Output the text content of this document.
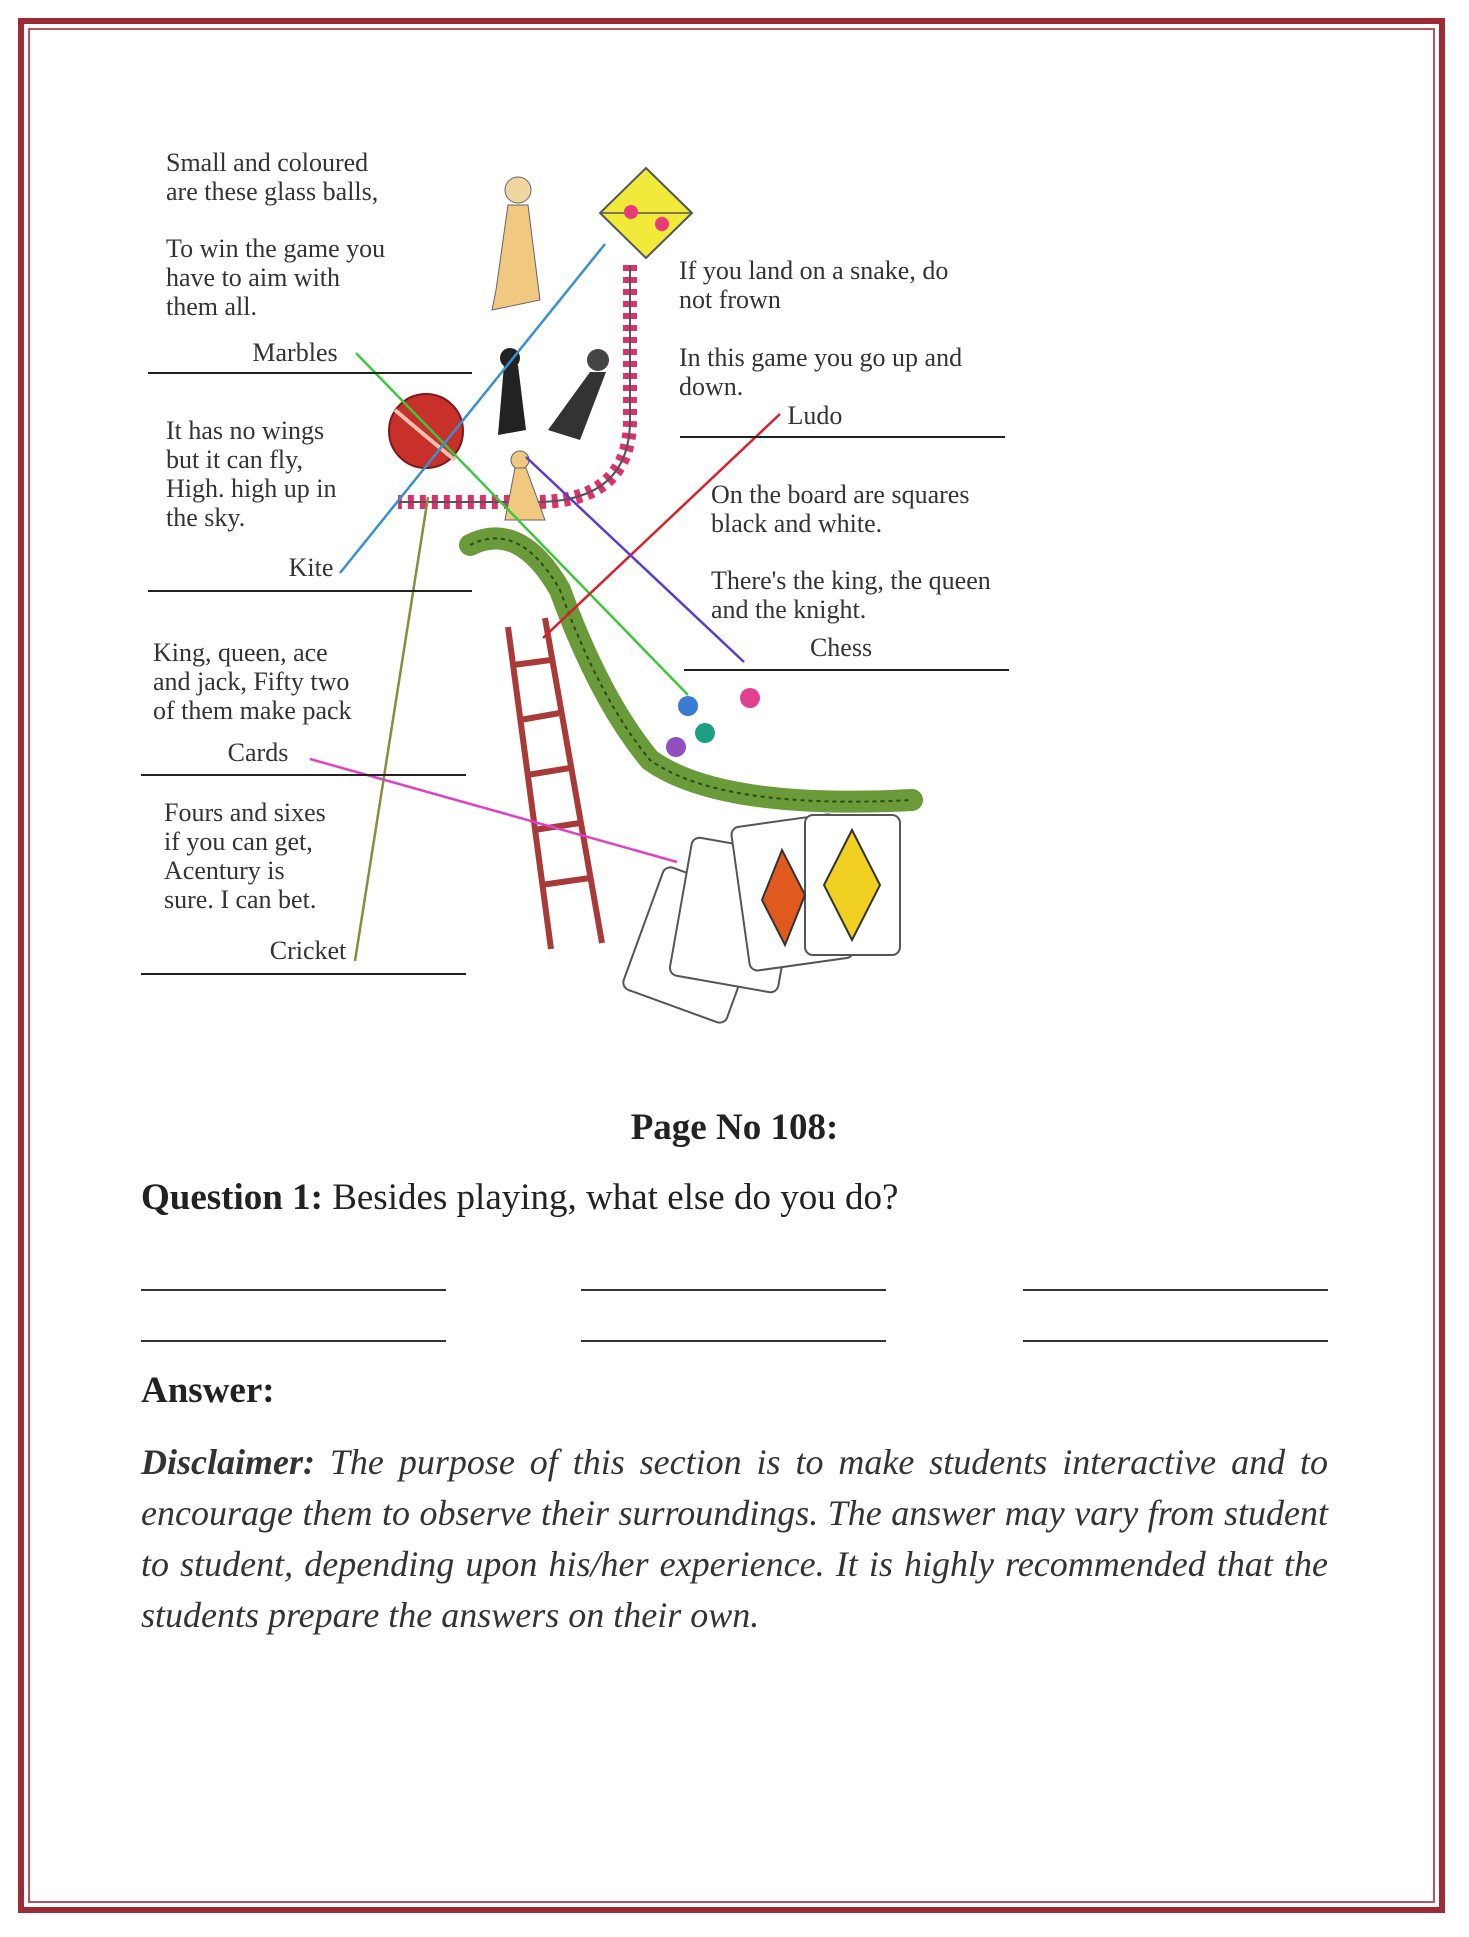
Small and coloured
are these glass balls,
To win the game you
have to aim with
them all.
Marbles
It has no wings
but it can fly,
High. high up in
the sky.
Kite
King, queen, ace
and jack, Fifty two
of them make pack
Cards
Fours and sixes
if you can get,
Acentury is
sure. I can bet.
Cricket
If you land on a snake, do
not frown
In this game you go up and
down.
Ludo
On the board are squares
black and white.
There's the king, the queen
and the knight.
Chess
Page No 108:
Question 1: Besides playing, what else do you do?
Answer:
Disclaimer: The purpose of this section is to make students interactive and to encourage them to observe their surroundings. The answer may vary from student to student, depending upon his/her experience. It is highly recommended that the students prepare the answers on their own.
